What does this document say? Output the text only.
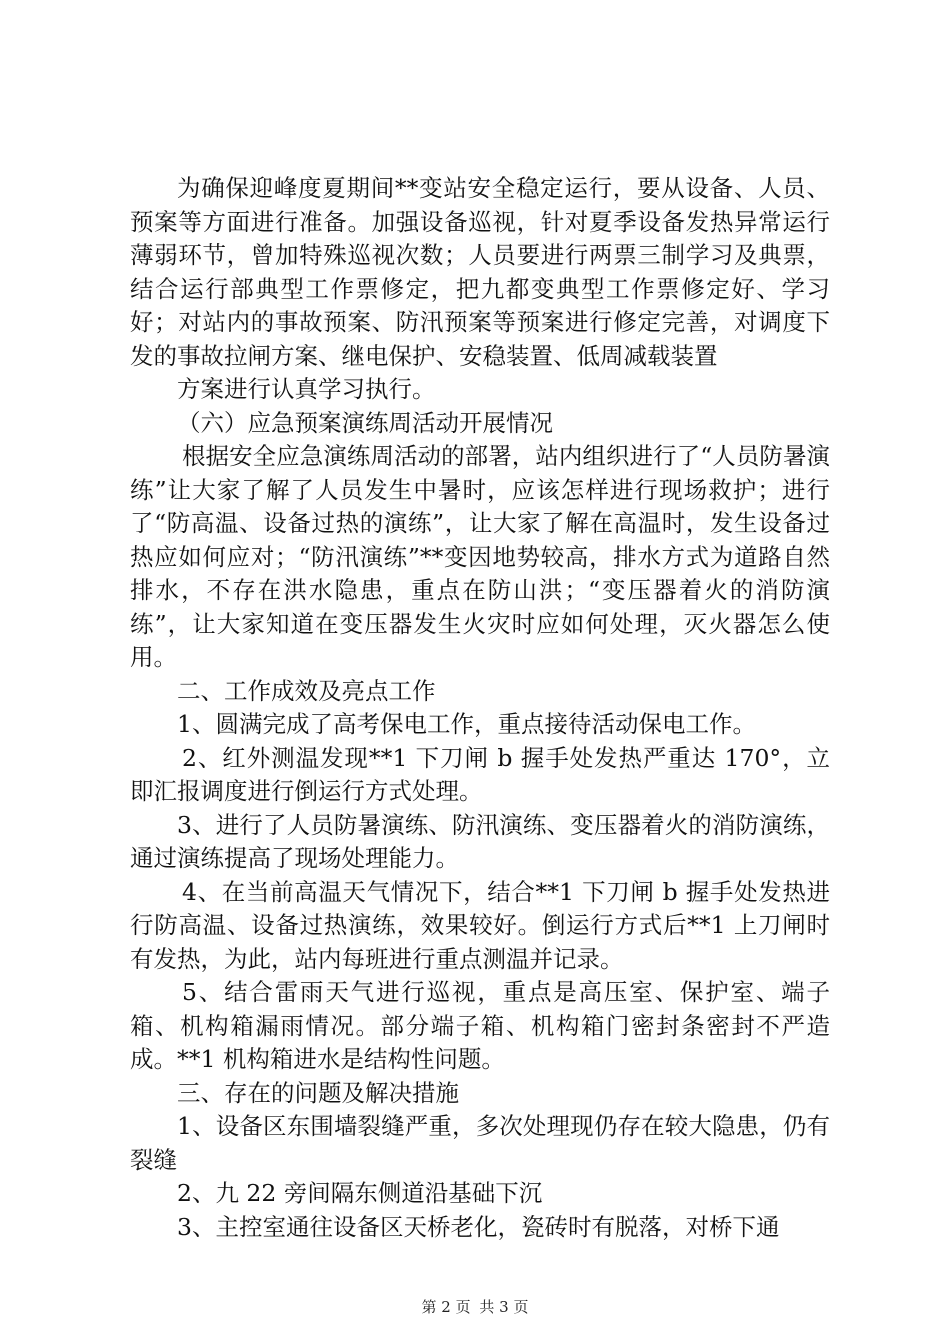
为确保迎峰度夏期间**变站安全稳定运行，要从设备、人员、预案等方面进行准备。加强设备巡视，针对夏季设备发热异常运行薄弱环节，曾加特殊巡视次数；人员要进行两票三制学习及典票，结合运行部典型工作票修定，把九都变典型工作票修定好、学习好；对站内的事故预案、防汛预案等预案进行修定完善，对调度下发的事故拉闸方案、继电保护、安稳装置、低周减载装置

方案进行认真学习执行。

（六）应急预案演练周活动开展情况

根据安全应急演练周活动的部署，站内组织进行了“人员防暑演练”让大家了解了人员发生中暑时，应该怎样进行现场救护；进行了“防高温、设备过热的演练”，让大家了解在高温时，发生设备过热应如何应对；“防汛演练”**变因地势较高，排水方式为道路自然排水，不存在洪水隐患，重点在防山洪；“变压器着火的消防演练”，让大家知道在变压器发生火灾时应如何处理，灭火器怎么使用。

二、工作成效及亮点工作

1、圆满完成了高考保电工作，重点接待活动保电工作。

2、红外测温发现**1 下刀闸 b 握手处发热严重达 170°，立即汇报调度进行倒运行方式处理。

3、进行了人员防暑演练、防汛演练、变压器着火的消防演练，通过演练提高了现场处理能力。

4、在当前高温天气情况下，结合**1 下刀闸 b 握手处发热进行防高温、设备过热演练，效果较好。倒运行方式后**1 上刀闸时有发热，为此，站内每班进行重点测温并记录。

5、结合雷雨天气进行巡视，重点是高压室、保护室、端子箱、机构箱漏雨情况。部分端子箱、机构箱门密封条密封不严造成。**1 机构箱进水是结构性问题。

三、存在的问题及解决措施

1、设备区东围墙裂缝严重，多次处理现仍存在较大隐患，仍有裂缝

2、九 22 旁间隔东侧道沿基础下沉

3、主控室通往设备区天桥老化，瓷砖时有脱落，对桥下通

第 2 页 共 3 页
